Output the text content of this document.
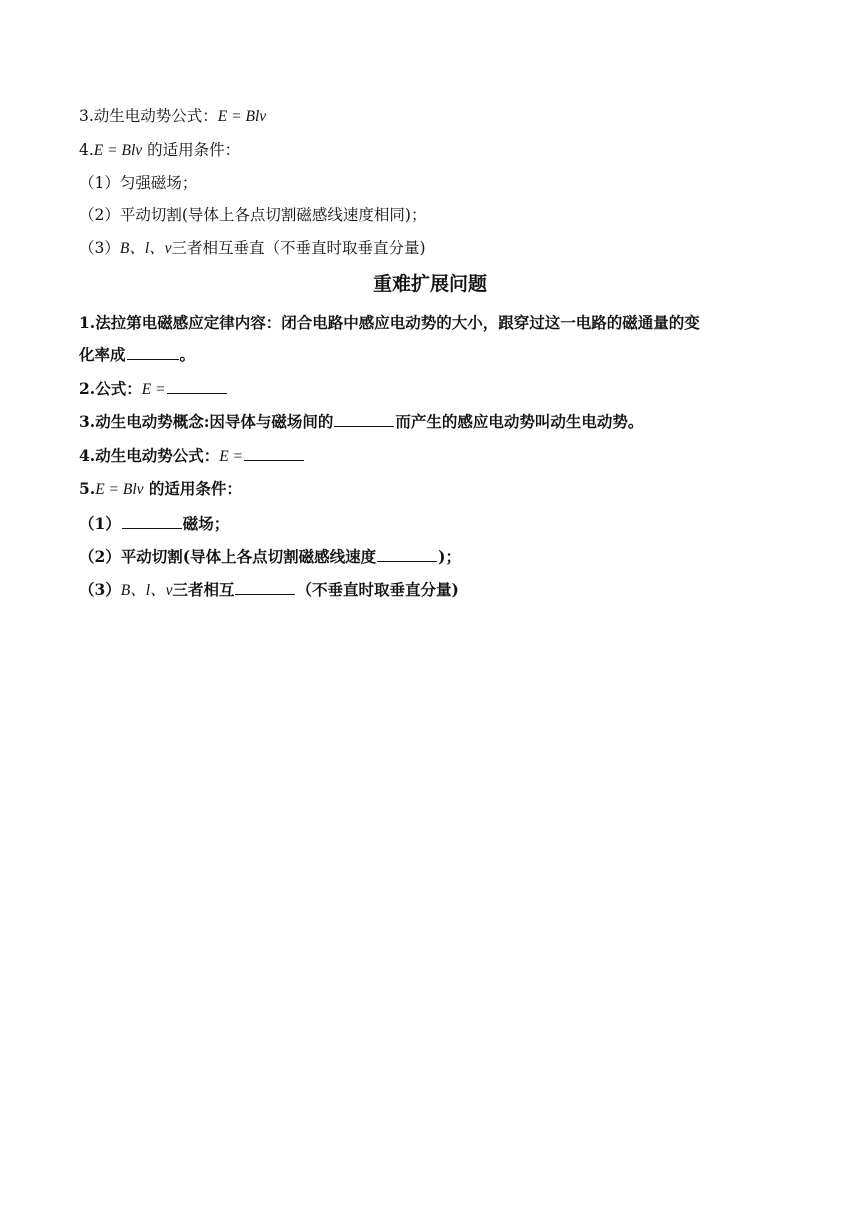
3.动生电动势公式：E = Blv
4.E = Blv 的适用条件：
（1）匀强磁场；
（2）平动切割(导体上各点切割磁感线速度相同)；
（3）B、l、v三者相互垂直（不垂直时取垂直分量)
重难扩展问题
1.法拉第电磁感应定律内容：闭合电路中感应电动势的大小，跟穿过这一电路的磁通量的变
化率成	。
2.公式：E =
3.动生电动势概念:因导体与磁场间的	而产生的感应电动势叫动生电动势。
4.动生电动势公式：E =
5.E = Blv 的适用条件：
（1）	磁场；
（2）平动切割(导体上各点切割磁感线速度	)；
（3）B、l、v三者相互	（不垂直时取垂直分量)
